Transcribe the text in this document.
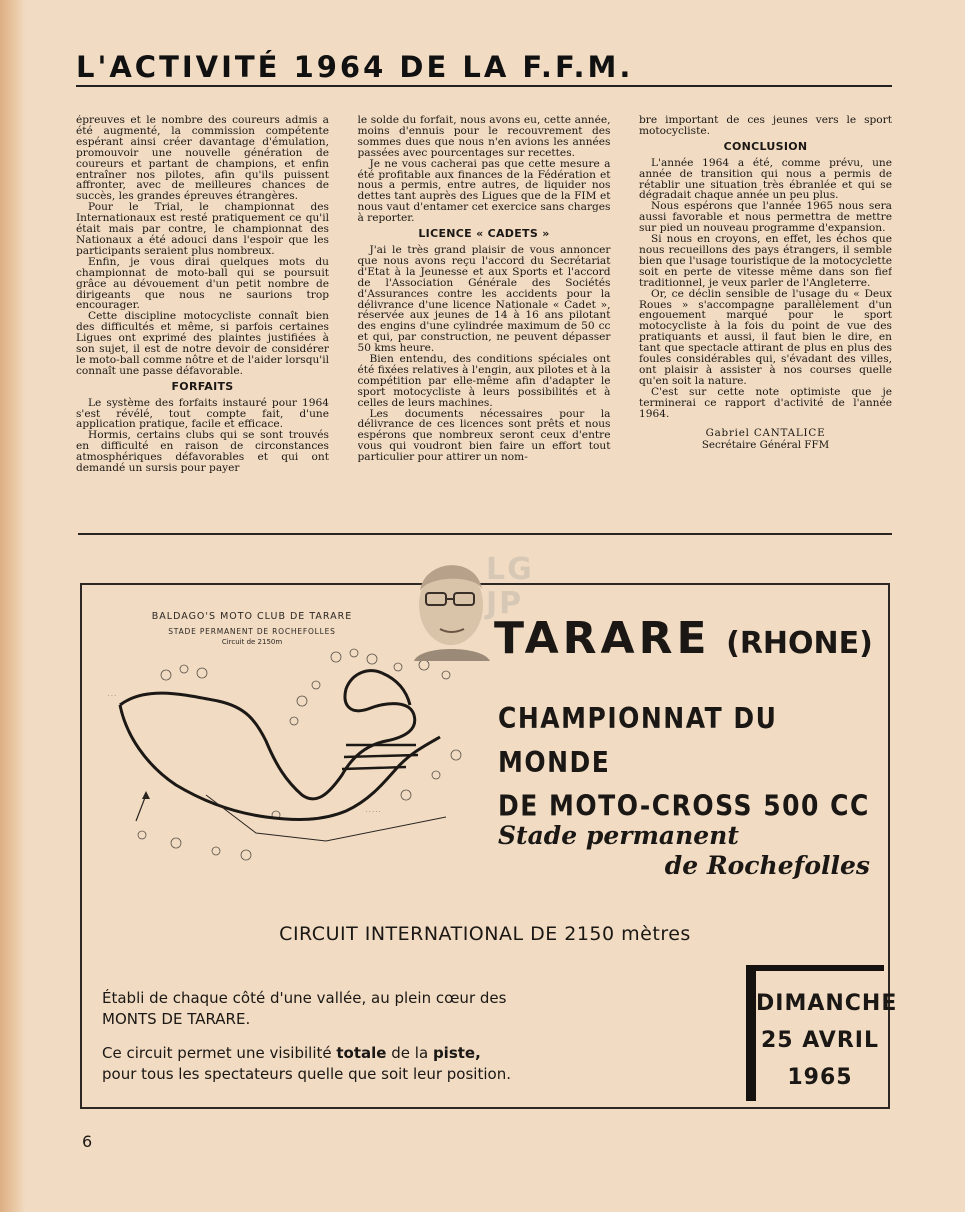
L'ACTIVITÉ 1964 DE LA F.F.M.

épreuves et le nombre des coureurs admis a été augmenté, la commission compétente espérant ainsi créer davantage d'émulation, promouvoir une nouvelle génération de coureurs et partant de champions, et enfin entraîner nos pilotes, afin qu'ils puissent affronter, avec de meilleures chances de succès, les grandes épreuves étrangères.

Pour le Trial, le championnat des Internationaux est resté pratiquement ce qu'il était mais par contre, le championnat des Nationaux a été adouci dans l'espoir que les participants seraient plus nombreux.

Enfin, je vous dirai quelques mots du championnat de moto-ball qui se poursuit grâce au dévouement d'un petit nombre de dirigeants que nous ne saurions trop encourager.

Cette discipline motocycliste connaît bien des difficultés et même, si parfois certaines Ligues ont exprimé des plaintes justifiées à son sujet, il est de notre devoir de considérer le moto-ball comme nôtre et de l'aider lorsqu'il connaît une passe défavorable.

FORFAITS

Le système des forfaits instauré pour 1964 s'est révélé, tout compte fait, d'une application pratique, facile et efficace.

Hormis, certains clubs qui se sont trouvés en difficulté en raison de circonstances atmosphériques défavorables et qui ont demandé un sursis pour payer

le solde du forfait, nous avons eu, cette année, moins d'ennuis pour le recouvrement des sommes dues que nous n'en avions les années passées avec pourcentages sur recettes.

Je ne vous cacherai pas que cette mesure a été profitable aux finances de la Fédération et nous a permis, entre autres, de liquider nos dettes tant auprès des Ligues que de la FIM et nous vaut d'entamer cet exercice sans charges à reporter.

LICENCE « CADETS »

J'ai le très grand plaisir de vous annoncer que nous avons reçu l'accord du Secrétariat d'Etat à la Jeunesse et aux Sports et l'accord de l'Association Générale des Sociétés d'Assurances contre les accidents pour la délivrance d'une licence Nationale « Cadet », réservée aux jeunes de 14 à 16 ans pilotant des engins d'une cylindrée maximum de 50 cc et qui, par construction, ne peuvent dépasser 50 kms heure.

Bien entendu, des conditions spéciales ont été fixées relatives à l'engin, aux pilotes et à la compétition par elle-même afin d'adapter le sport motocycliste à leurs possibilités et à celles de leurs machines.

Les documents nécessaires pour la délivrance de ces licences sont prêts et nous espérons que nombreux seront ceux d'entre vous qui voudront bien faire un effort tout particulier pour attirer un nom-

bre important de ces jeunes vers le sport motocycliste.

CONCLUSION

L'année 1964 a été, comme prévu, une année de transition qui nous a permis de rétablir une situation très ébranlée et qui se dégradait chaque année un peu plus.

Nous espérons que l'année 1965 nous sera aussi favorable et nous permettra de mettre sur pied un nouveau programme d'expansion.

Si nous en croyons, en effet, les échos que nous recueillons des pays étrangers, il semble bien que l'usage touristique de la motocyclette soit en perte de vitesse même dans son fief traditionnel, je veux parler de l'Angleterre.

Or, ce déclin sensible de l'usage du « Deux Roues » s'accompagne parallèlement d'un engouement marqué pour le sport motocycliste à la fois du point de vue des pratiquants et aussi, il faut bien le dire, en tant que spectacle attirant de plus en plus des foules considérables qui, s'évadant des villes, ont plaisir à assister à nos courses quelle qu'en soit la nature.

C'est sur cette note optimiste que je terminerai ce rapport d'activité de l'année 1964.

Gabriel CANTALICE
Secrétaire Général FFM
BALDAGO'S MOTO CLUB DE TARARE
STADE PERMANENT DE ROCHEFOLLES
Circuit de 2150m
· · ·
· · · · ·
LG JP
TARARE (RHONE)
CHAMPIONNAT DU MONDE
DE MOTO-CROSS 500 CC
Stade permanent
de Rochefolles
CIRCUIT INTERNATIONAL DE 2150 mètres
Établi de chaque côté d'une vallée, au plein cœur des
MONTS DE TARARE.
Ce circuit permet une visibilité totale de la piste,
pour tous les spectateurs quelle que soit leur position.
DIMANCHE
25 AVRIL
1965
6
